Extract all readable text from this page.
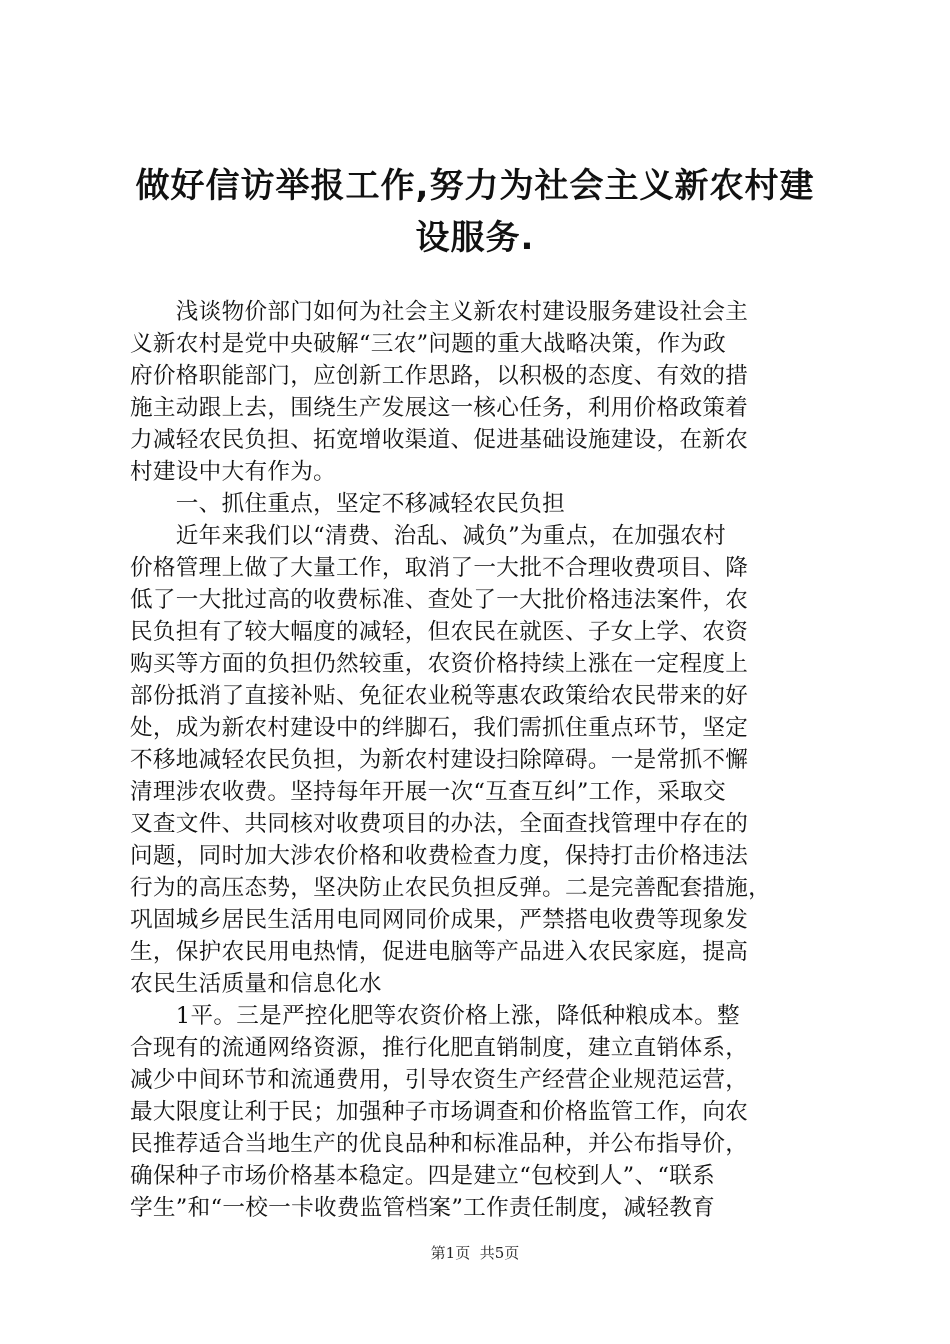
做好信访举报工作,努力为社会主义新农村建
设服务.
　　浅谈物价部门如何为社会主义新农村建设服务建设社会主
义新农村是党中央破解“三农”问题的重大战略决策，作为政
府价格职能部门，应创新工作思路，以积极的态度、有效的措
施主动跟上去，围绕生产发展这一核心任务，利用价格政策着
力减轻农民负担、拓宽增收渠道、促进基础设施建设，在新农
村建设中大有作为。
　　一、抓住重点，坚定不移减轻农民负担
　　近年来我们以“清费、治乱、减负”为重点，在加强农村
价格管理上做了大量工作，取消了一大批不合理收费项目、降
低了一大批过高的收费标准、查处了一大批价格违法案件，农
民负担有了较大幅度的减轻，但农民在就医、子女上学、农资
购买等方面的负担仍然较重，农资价格持续上涨在一定程度上
部份抵消了直接补贴、免征农业税等惠农政策给农民带来的好
处，成为新农村建设中的绊脚石，我们需抓住重点环节，坚定
不移地减轻农民负担，为新农村建设扫除障碍。一是常抓不懈
清理涉农收费。坚持每年开展一次“互查互纠”工作，采取交
叉查文件、共同核对收费项目的办法，全面查找管理中存在的
问题，同时加大涉农价格和收费检查力度，保持打击价格违法
行为的高压态势，坚决防止农民负担反弹。二是完善配套措施，
巩固城乡居民生活用电同网同价成果，严禁搭电收费等现象发
生，保护农民用电热情，促进电脑等产品进入农民家庭，提高
农民生活质量和信息化水
　　1平。三是严控化肥等农资价格上涨，降低种粮成本。整
合现有的流通网络资源，推行化肥直销制度，建立直销体系，
减少中间环节和流通费用，引导农资生产经营企业规范运营，
最大限度让利于民；加强种子市场调查和价格监管工作，向农
民推荐适合当地生产的优良品种和标准品种，并公布指导价，
确保种子市场价格基本稳定。四是建立“包校到人”、“联系
学生”和“一校一卡收费监管档案”工作责任制度，减轻教育
第1页 共5页
